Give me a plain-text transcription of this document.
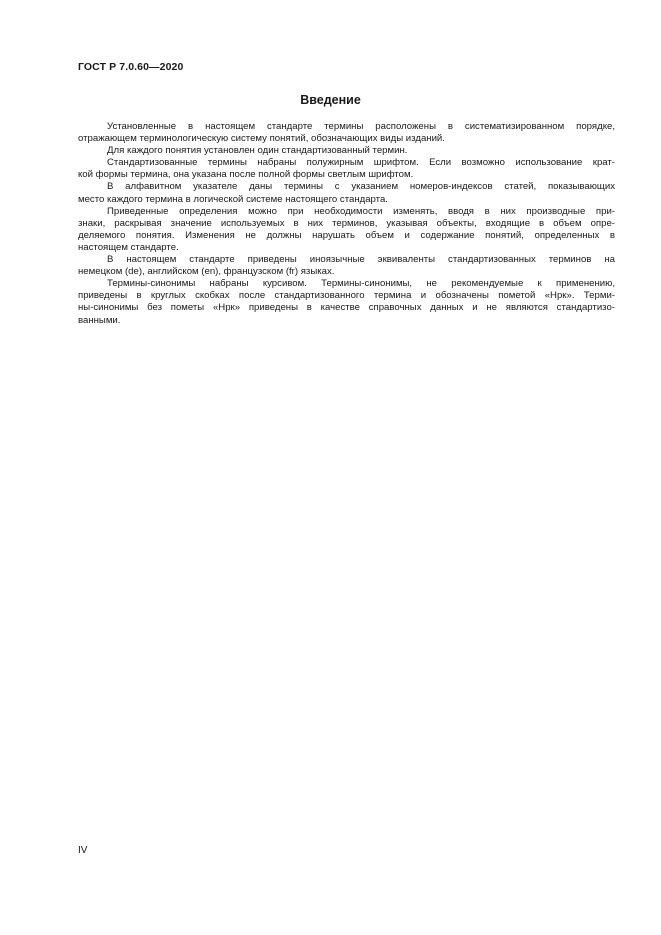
ГОСТ Р 7.0.60—2020
Введение

Установленные в настоящем стандарте термины расположены в систематизированном порядке,
отражающем терминологическую систему понятий, обозначающих виды изданий.

Для каждого понятия установлен один стандартизованный термин.

Стандартизованные термины набраны полужирным шрифтом. Если возможно использование крат-
кой формы термина, она указана после полной формы светлым шрифтом.

В алфавитном указателе даны термины с указанием номеров-индексов статей, показывающих
место каждого термина в логической системе настоящего стандарта.

Приведенные определения можно при необходимости изменять, вводя в них производные при-
знаки, раскрывая значение используемых в них терминов, указывая объекты, входящие в объем опре-
деляемого понятия. Изменения не должны нарушать объем и содержание понятий, определенных в
настоящем стандарте.

В настоящем стандарте приведены иноязычные эквиваленты стандартизованных терминов на
немецком (de), английском (en), французском (fr) языках.

Термины-синонимы набраны курсивом. Термины-синонимы, не рекомендуемые к применению,
приведены в круглых скобках после стандартизованного термина и обозначены пометой «Нрк». Терми-
ны-синонимы без пометы «Нрк» приведены в качестве справочных данных и не являются стандартизо-
ванными.

IV
